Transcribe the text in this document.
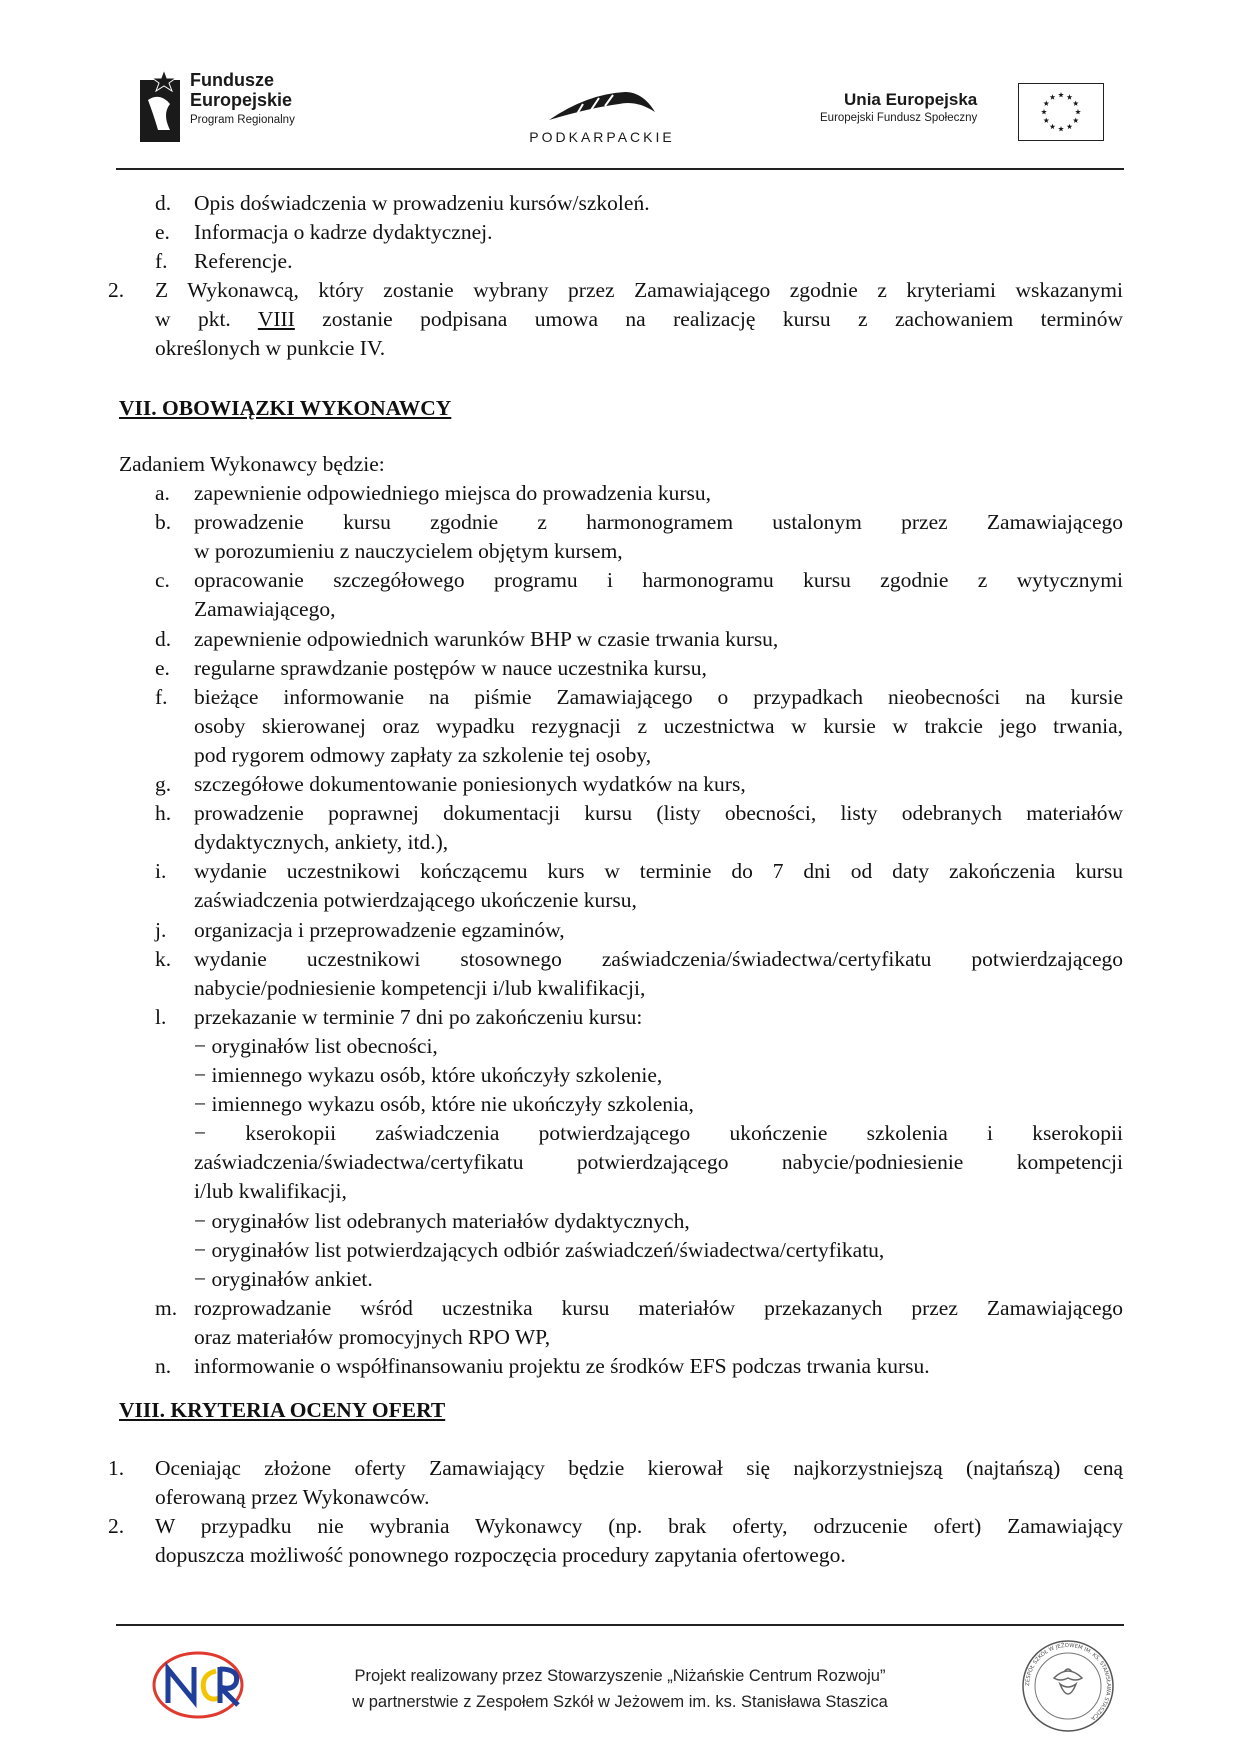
Fundusze
Europejskie
Program Regionalny
PODKARPACKIE
Unia Europejska
Europejski Fundusz Społeczny
d. Opis doświadczenia w prowadzeniu kursów/szkoleń.
e. Informacja o kadrze dydaktycznej.
f. Referencje.
2. Z Wykonawcą, który zostanie wybrany przez Zamawiającego zgodnie z kryteriami wskazanymi
w pkt. VIII zostanie podpisana umowa na realizację kursu z zachowaniem terminów
określonych w punkcie IV.
VII. OBOWIĄZKI WYKONAWCY
Zadaniem Wykonawcy będzie:
a. zapewnienie odpowiedniego miejsca do prowadzenia kursu,
b. prowadzenie kursu zgodnie z harmonogramem ustalonym przez Zamawiającego
w porozumieniu z nauczycielem objętym kursem,
c. opracowanie szczegółowego programu i harmonogramu kursu zgodnie z wytycznymi
Zamawiającego,
d. zapewnienie odpowiednich warunków BHP w czasie trwania kursu,
e. regularne sprawdzanie postępów w nauce uczestnika kursu,
f. bieżące informowanie na piśmie Zamawiającego o przypadkach nieobecności na kursie
osoby skierowanej oraz wypadku rezygnacji z uczestnictwa w kursie w trakcie jego trwania,
pod rygorem odmowy zapłaty za szkolenie tej osoby,
g. szczegółowe dokumentowanie poniesionych wydatków na kurs,
h. prowadzenie poprawnej dokumentacji kursu (listy obecności, listy odebranych materiałów
dydaktycznych, ankiety, itd.),
i. wydanie uczestnikowi kończącemu kurs w terminie do 7 dni od daty zakończenia kursu
zaświadczenia potwierdzającego ukończenie kursu,
j. organizacja i przeprowadzenie egzaminów,
k. wydanie uczestnikowi stosownego zaświadczenia/świadectwa/certyfikatu potwierdzającego
nabycie/podniesienie kompetencji i/lub kwalifikacji,
l. przekazanie w terminie 7 dni po zakończeniu kursu:
− oryginałów list obecności,
− imiennego wykazu osób, które ukończyły szkolenie,
− imiennego wykazu osób, które nie ukończyły szkolenia,
− kserokopii zaświadczenia potwierdzającego ukończenie szkolenia i kserokopii
zaświadczenia/świadectwa/certyfikatu potwierdzającego nabycie/podniesienie kompetencji
i/lub kwalifikacji,
− oryginałów list odebranych materiałów dydaktycznych,
− oryginałów list potwierdzających odbiór zaświadczeń/świadectwa/certyfikatu,
− oryginałów ankiet.
m. rozprowadzanie wśród uczestnika kursu materiałów przekazanych przez Zamawiającego
oraz materiałów promocyjnych RPO WP,
n. informowanie o współfinansowaniu projektu ze środków EFS podczas trwania kursu.
VIII. KRYTERIA OCENY OFERT
1. Oceniając złożone oferty Zamawiający będzie kierował się najkorzystniejszą (najtańszą) ceną
oferowaną przez Wykonawców.
2. W przypadku nie wybrania Wykonawcy (np. brak oferty, odrzucenie ofert) Zamawiający
dopuszcza możliwość ponownego rozpoczęcia procedury zapytania ofertowego.
Projekt realizowany przez Stowarzyszenie „Niżańskie Centrum Rozwoju”
w partnerstwie z Zespołem Szkół w Jeżowem im. ks. Stanisława Staszica
ZESPÓŁ SZKÓŁ W JEŻOWEM IM. KS. STANISŁAWA STASZICA
